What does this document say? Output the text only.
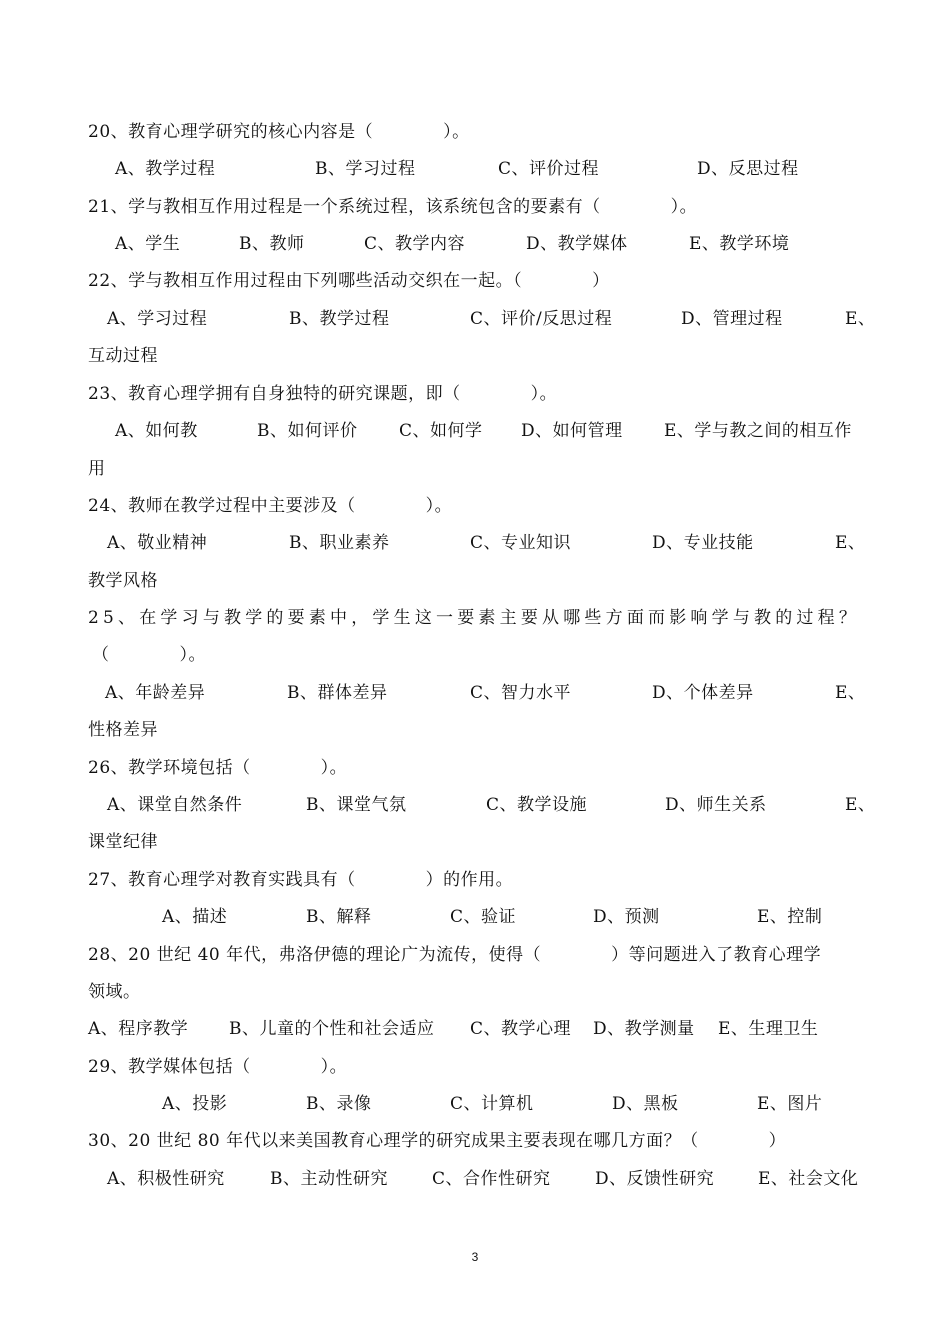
20、教育心理学研究的核心内容是（　　　　）。
A、教学过程	B、学习过程	C、评价过程	D、反思过程
21、学与教相互作用过程是一个系统过程，该系统包含的要素有（　　　　）。
A、学生	B、教师	C、教学内容	D、教学媒体	E、教学环境
22、学与教相互作用过程由下列哪些活动交织在一起。（　　　　）
A、学习过程	B、教学过程	C、评价/反思过程	D、管理过程	E、
互动过程
23、教育心理学拥有自身独特的研究课题，即（　　　　）。
A、如何教	B、如何评价 C、如何学 D、如何管理 E、学与教之间的相互作
用
24、教师在教学过程中主要涉及（　　　　）。
A、敬业精神	B、职业素养	C、专业知识	D、专业技能	E、
教学风格
25、在学习与教学的要素中，学生这一要素主要从哪些方面而影响学与教的过程？
（　　　　）。
A、年龄差异	B、群体差异	C、智力水平	D、个体差异	E、
性格差异
26、教学环境包括（　　　　）。
A、课堂自然条件	B、课堂气氛	C、教学设施	D、师生关系	E、
课堂纪律
27、教育心理学对教育实践具有（　　　　）的作用。
A、描述	B、解释	C、验证	D、预测	E、控制
28、20 世纪 40 年代，弗洛伊德的理论广为流传，使得（　　　　）等问题进入了教育心理学
领域。
A、程序教学 B、儿童的个性和社会适应 C、教学心理 D、教学测量 E、生理卫生
29、教学媒体包括（　　　　）。
A、投影	B、录像	C、计算机	D、黑板	E、图片
30、20 世纪 80 年代以来美国教育心理学的研究成果主要表现在哪几方面？（　　　　）
A、积极性研究	B、主动性研究	C、合作性研究	D、反馈性研究	E、社会文化
3
